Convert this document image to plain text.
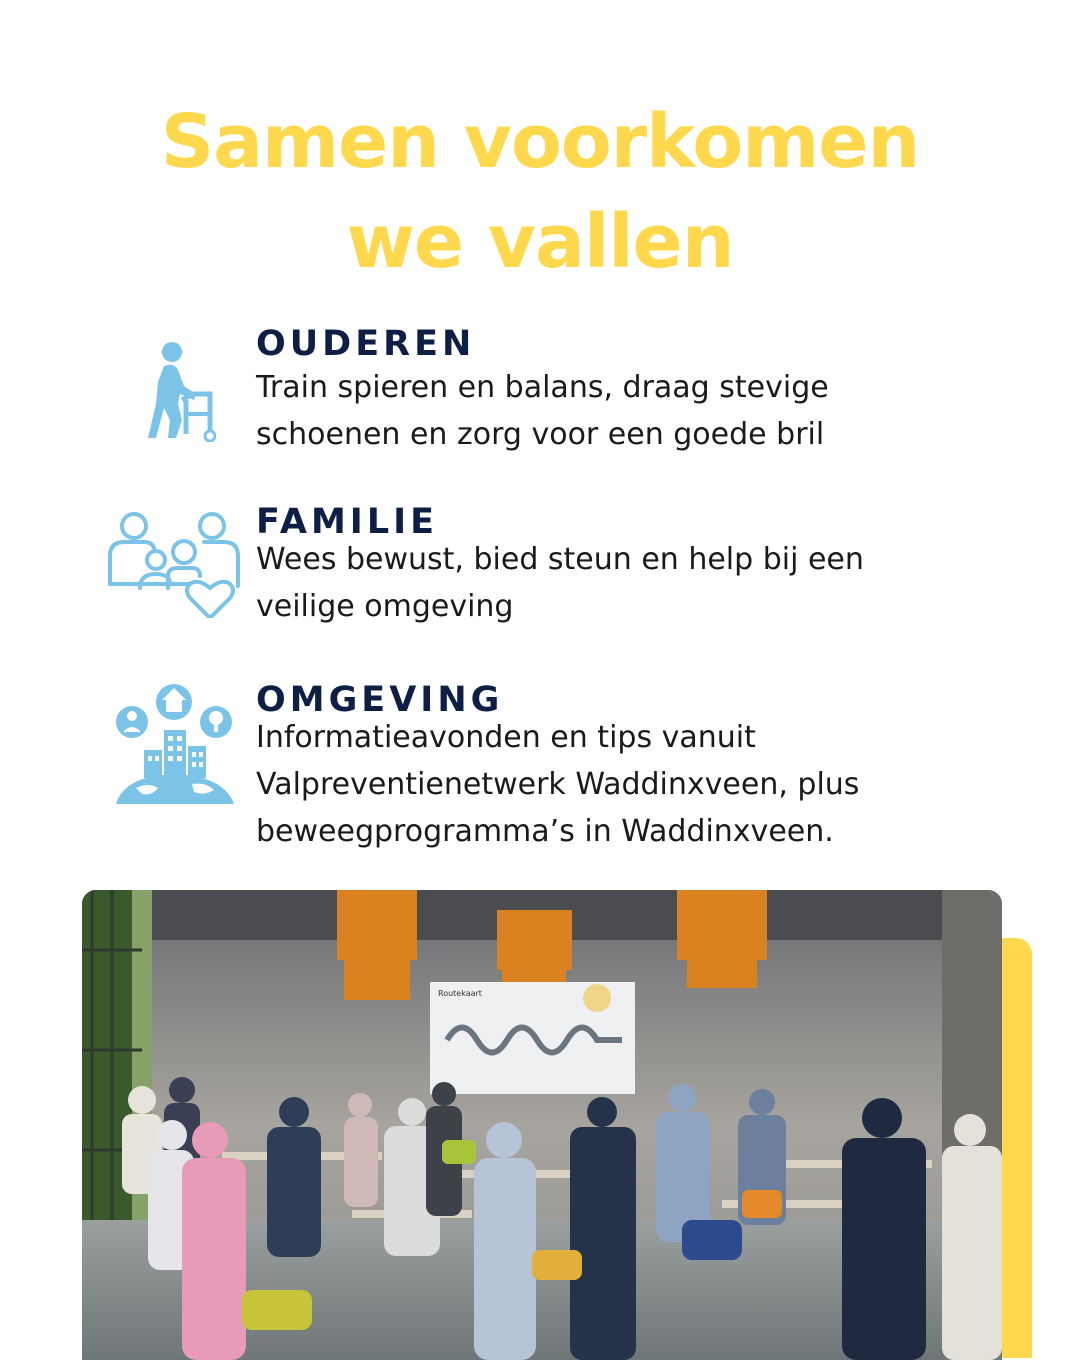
Samen voorkomen
we vallen
OUDEREN

Train spieren en balans, draag stevige schoenen en zorg voor een goede bril

FAMILIE

Wees bewust, bied steun en help bij een veilige omgeving

OMGEVING

Informatieavonden en tips vanuit Valpreventienetwerk Waddinxveen, plus beweegprogramma’s in Waddinxveen.

Routekaart
